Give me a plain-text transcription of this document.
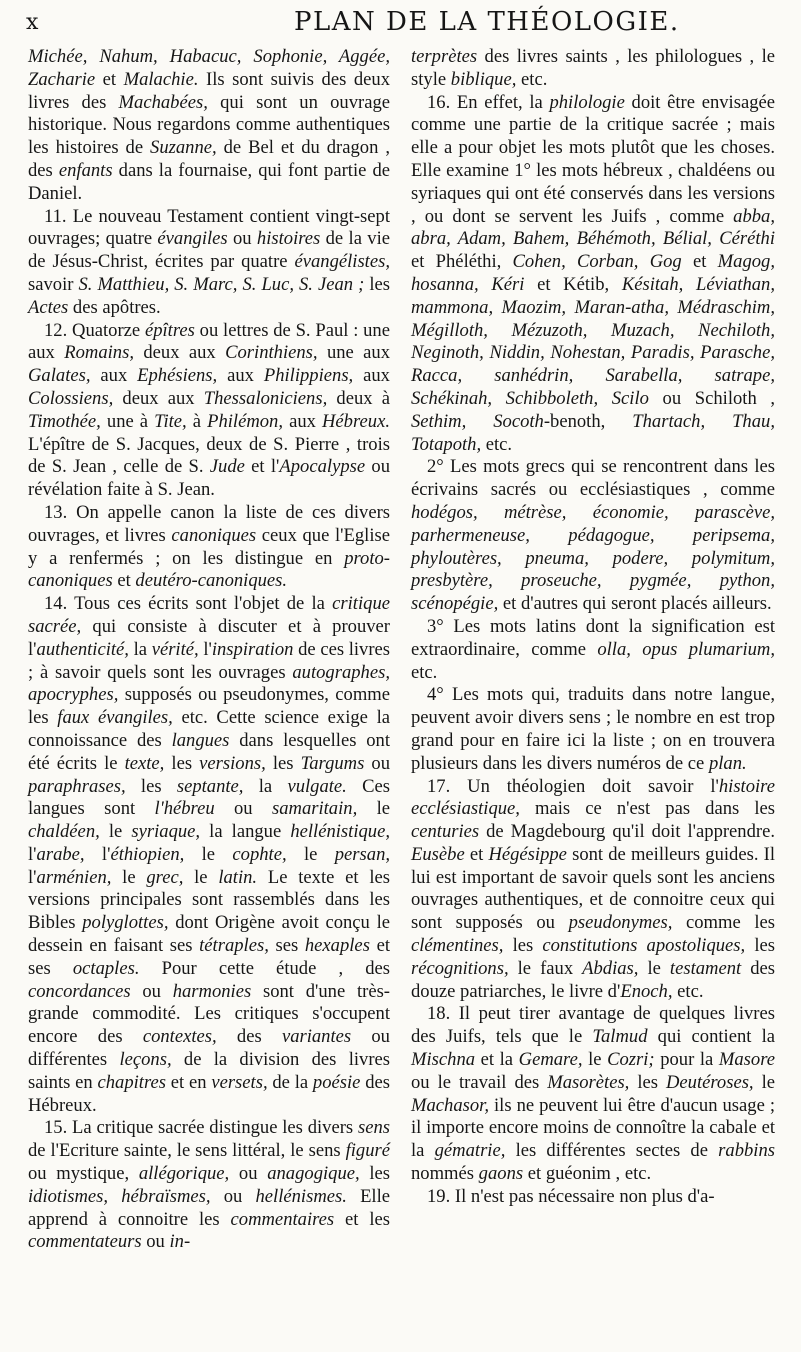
x	PLAN DE LA THÉOLOGIE.

Michée, Nahum, Habacuc, Sophonie, Aggée, Zacharie et Malachie. Ils sont suivis des deux livres des Machabées, qui sont un ouvrage historique. Nous regardons comme authentiques les histoires de Suzanne, de Bel et du dragon , des enfants dans la fournaise, qui font partie de Daniel.

11. Le nouveau Testament contient vingt-sept ouvrages; quatre évangiles ou histoires de la vie de Jésus-Christ, écrites par quatre évangélistes, savoir S. Matthieu, S. Marc, S. Luc, S. Jean ; les Actes des apôtres.

12. Quatorze épîtres ou lettres de S. Paul : une aux Romains, deux aux Corinthiens, une aux Galates, aux Ephésiens, aux Philippiens, aux Colossiens, deux aux Thessaloniciens, deux à Timothée, une à Tite, à Philémon, aux Hébreux. L'épître de S. Jacques, deux de S. Pierre , trois de S. Jean , celle de S. Jude et l'Apocalypse ou révélation faite à S. Jean.

13. On appelle canon la liste de ces divers ouvrages, et livres canoniques ceux que l'Eglise y a renfermés ; on les distingue en proto-canoniques et deutéro-canoniques.

14. Tous ces écrits sont l'objet de la critique sacrée, qui consiste à discuter et à prouver l'authenticité, la vérité, l'inspiration de ces livres ; à savoir quels sont les ouvrages autographes, apocryphes, supposés ou pseudonymes, comme les faux évangiles, etc. Cette science exige la connoissance des langues dans lesquelles ont été écrits le texte, les versions, les Targums ou paraphrases, les septante, la vulgate. Ces langues sont l'hébreu ou samaritain, le chaldéen, le syriaque, la langue hellénistique, l'arabe, l'éthiopien, le cophte, le persan, l'arménien, le grec, le latin. Le texte et les versions principales sont rassemblés dans les Bibles polyglottes, dont Origène avoit conçu le dessein en faisant ses tétraples, ses hexaples et ses octaples. Pour cette étude , des concordances ou harmonies sont d'une très-grande commodité. Les critiques s'occupent encore des contextes, des variantes ou différentes leçons, de la division des livres saints en chapitres et en versets, de la poésie des Hébreux.

15. La critique sacrée distingue les divers sens de l'Ecriture sainte, le sens littéral, le sens figuré ou mystique, allégorique, ou anagogique, les idiotismes, hébraïsmes, ou hellénismes. Elle apprend à connoitre les commentaires et les commentateurs ou in-

terprètes des livres saints , les philologues , le style biblique, etc.

16. En effet, la philologie doit être envisagée comme une partie de la critique sacrée ; mais elle a pour objet les mots plutôt que les choses. Elle examine 1° les mots hébreux , chaldéens ou syriaques qui ont été conservés dans les versions , ou dont se servent les Juifs , comme abba, abra, Adam, Bahem, Béhémoth, Bélial, Céréthi et Phéléthi, Cohen, Corban, Gog et Magog, hosanna, Kéri et Kétib, Késitah, Léviathan, mammona, Maozim, Maran-atha, Médraschim, Mégilloth, Mézuzoth, Muzach, Nechiloth, Neginoth, Niddin, Nohestan, Paradis, Parasche, Racca, sanhédrin, Sarabella, satrape, Schékinah, Schibboleth, Scilo ou Schiloth , Sethim, Socoth-benoth, Thartach, Thau, Totapoth, etc.

2° Les mots grecs qui se rencontrent dans les écrivains sacrés ou ecclésiastiques , comme hodégos, métrèse, économie, parascève, parhermeneuse, pédagogue, peripsema, phyloutères, pneuma, podere, polymitum, presbytère, proseuche, pygmée, python, scénopégie, et d'autres qui seront placés ailleurs.

3° Les mots latins dont la signification est extraordinaire, comme olla, opus plumarium, etc.

4° Les mots qui, traduits dans notre langue, peuvent avoir divers sens ; le nombre en est trop grand pour en faire ici la liste ; on en trouvera plusieurs dans les divers numéros de ce plan.

17. Un théologien doit savoir l'histoire ecclésiastique, mais ce n'est pas dans les centuries de Magdebourg qu'il doit l'apprendre. Eusèbe et Hégésippe sont de meilleurs guides. Il lui est important de savoir quels sont les anciens ouvrages authentiques, et de connoitre ceux qui sont supposés ou pseudonymes, comme les clémentines, les constitutions apostoliques, les récognitions, le faux Abdias, le testament des douze patriarches, le livre d'Enoch, etc.

18. Il peut tirer avantage de quelques livres des Juifs, tels que le Talmud qui contient la Mischna et la Gemare, le Cozri; pour la Masore ou le travail des Masorètes, les Deutéroses, le Machasor, ils ne peuvent lui être d'aucun usage ; il importe encore moins de connoître la cabale et la gématrie, les différentes sectes de rabbins nommés gaons et guéonim , etc.

19. Il n'est pas nécessaire non plus d'a-
